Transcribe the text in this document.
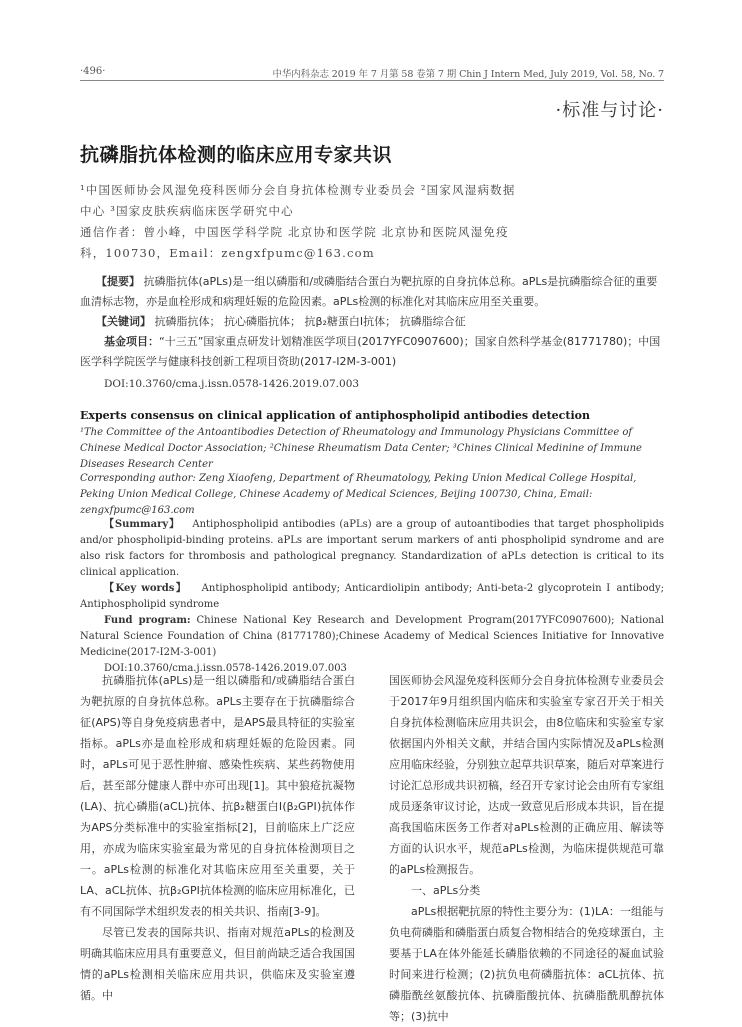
·496·	中华内科杂志 2019 年 7 月第 58 卷第 7 期 Chin J Intern Med, July 2019, Vol. 58, No. 7
·标准与讨论·
抗磷脂抗体检测的临床应用专家共识
¹中国医师协会风湿免疫科医师分会自身抗体检测专业委员会 ²国家风湿病数据
中心 ³国家皮肤疾病临床医学研究中心
通信作者：曾小峰，中国医学科学院 北京协和医学院 北京协和医院风湿免疫
科，100730，Email：zengxfpumc@163.com
【提要】 抗磷脂抗体(aPLs)是一组以磷脂和/或磷脂结合蛋白为靶抗原的自身抗体总称。aPLs是抗磷脂综合征的重要血清标志物，亦是血栓形成和病理妊娠的危险因素。aPLs检测的标准化对其临床应用至关重要。
【关键词】 抗磷脂抗体； 抗心磷脂抗体； 抗β₂糖蛋白Ⅰ抗体； 抗磷脂综合征
基金项目：“十三五”国家重点研发计划精准医学项目(2017YFC0907600)；国家自然科学基金(81771780)；中国医学科学院医学与健康科技创新工程项目资助(2017-I2M-3-001)
DOI:10.3760/cma.j.issn.0578-1426.2019.07.003
Experts consensus on clinical application of antiphospholipid antibodies detection
¹The Committee of the Antoantibodies Detection of Rheumatology and Immunology Physicians Committee of Chinese Medical Doctor Association; ²Chinese Rheumatism Data Center; ³Chines Clinical Medinine of Immune Diseases Research Center
Corresponding author: Zeng Xiaofeng, Department of Rheumatology, Peking Union Medical College Hospital, Peking Union Medical College, Chinese Academy of Medical Sciences, Beijing 100730, China, Email: zengxfpumc@163.com
【Summary】 Antiphospholipid antibodies (aPLs) are a group of autoantibodies that target phospholipids and/or phospholipid-binding proteins. aPLs are important serum markers of anti phospholipid syndrome and are also risk factors for thrombosis and pathological pregnancy. Standardization of aPLs detection is critical to its clinical application.
【Key words】 Antiphospholipid antibody; Anticardiolipin antibody; Anti-beta-2 glycoprotein Ⅰ antibody; Antiphospholipid syndrome
Fund program: Chinese National Key Research and Development Program(2017YFC0907600); National Natural Science Foundation of China (81771780);Chinese Academy of Medical Sciences Initiative for Innovative Medicine(2017-I2M-3-001)
DOI:10.3760/cma.j.issn.0578-1426.2019.07.003

抗磷脂抗体(aPLs)是一组以磷脂和/或磷脂结合蛋白为靶抗原的自身抗体总称。aPLs主要存在于抗磷脂综合征(APS)等自身免疫病患者中，是APS最具特征的实验室指标。aPLs亦是血栓形成和病理妊娠的危险因素。同时，aPLs可见于恶性肿瘤、感染性疾病、某些药物使用后，甚至部分健康人群中亦可出现[1]。其中狼疮抗凝物(LA)、抗心磷脂(aCL)抗体、抗β₂糖蛋白Ⅰ(β₂GPⅠ)抗体作为APS分类标准中的实验室指标[2]，目前临床上广泛应用，亦成为临床实验室最为常见的自身抗体检测项目之一。aPLs检测的标准化对其临床应用至关重要，关于LA、aCL抗体、抗β₂GPⅠ抗体检测的临床应用标准化，已有不同国际学术组织发表的相关共识、指南[3-9]。

尽管已发表的国际共识、指南对规范aPLs的检测及明确其临床应用具有重要意义，但目前尚缺乏适合我国国情的aPLs检测相关临床应用共识，供临床及实验室遵循。中

国医师协会风湿免疫科医师分会自身抗体检测专业委员会于2017年9月组织国内临床和实验室专家召开关于相关自身抗体检测临床应用共识会，由8位临床和实验室专家依据国内外相关文献，并结合国内实际情况及aPLs检测应用临床经验，分别独立起草共识草案，随后对草案进行讨论汇总形成共识初稿，经召开专家讨论会由所有专家组成员逐条审议讨论，达成一致意见后形成本共识，旨在提高我国临床医务工作者对aPLs检测的正确应用、解读等方面的认识水平，规范aPLs检测，为临床提供规范可靠的aPLs检测报告。

一、aPLs分类

aPLs根据靶抗原的特性主要分为：(1)LA：一组能与负电荷磷脂和磷脂蛋白质复合物相结合的免疫球蛋白，主要基于LA在体外能延长磷脂依赖的不同途径的凝血试验时间来进行检测；(2)抗负电荷磷脂抗体：aCL抗体、抗磷脂酰丝氨酸抗体、抗磷脂酸抗体、抗磷脂酰肌醇抗体等；(3)抗中
